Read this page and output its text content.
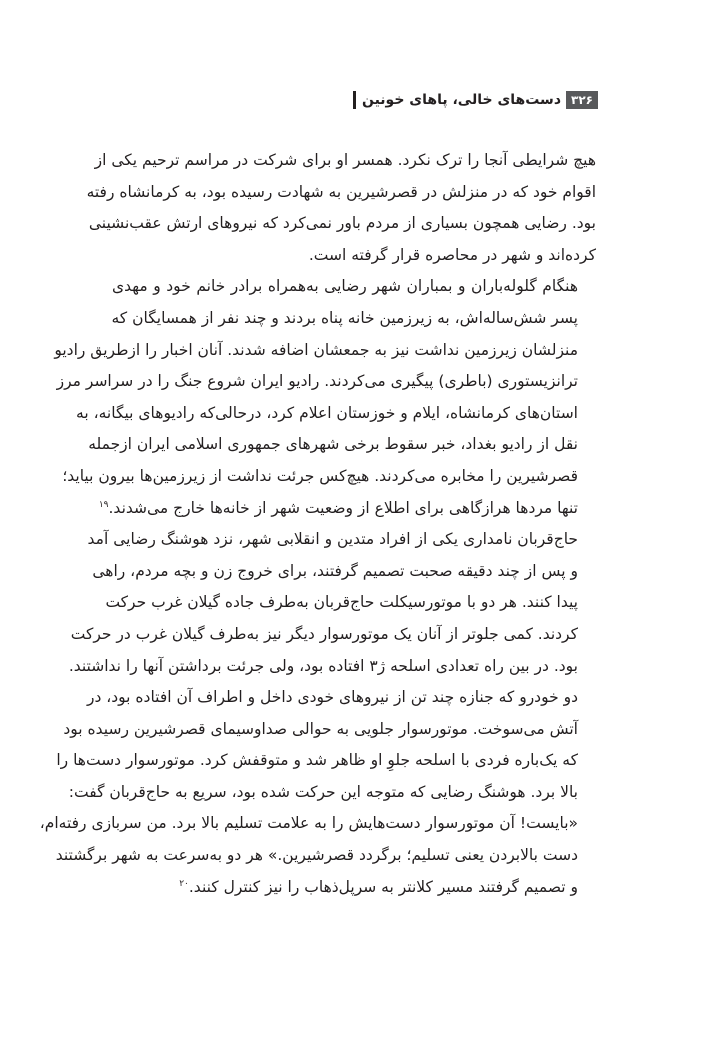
۳۲۶
دست‌های خالی، پاهای خونین

هیچ شرایطی آنجا را ترک نکرد. همسر او برای شرکت در مراسم ترحیم یکی از
اقوام خود که در منزلش در قصرشیرین به شهادت رسیده بود، به کرمانشاه رفته
بود. رضایی همچون بسیاری از مردم باور نمی‌کرد که نیروهای ارتش عقب‌نشینی
کرده‌اند و شهر در محاصره قرار گرفته است.

هنگام گلوله‌باران و بمباران شهر رضایی به‌همراه برادر خانم خود و مهدی
پسر شش‌ساله‌اش، به زیرزمین خانه پناه بردند و چند نفر از همسایگان که
منزلشان زیرزمین نداشت نیز به جمعشان اضافه شدند. آنان اخبار را ازطریق رادیو
ترانزیستوری (باطری) پیگیری می‌کردند. رادیو ایران شروع جنگ را در سراسر مرز
استان‌های کرمانشاه، ایلام و خوزستان اعلام کرد، درحالی‌که رادیوهای بیگانه، به
نقل از رادیو بغداد، خبر سقوط برخی شهرهای جمهوری اسلامی ایران ازجمله
قصرشیرین را مخابره می‌کردند. هیچ‌کس جرئت نداشت از زیرزمین‌ها بیرون بیاید؛
تنها مردها هرازگاهی برای اطلاع از وضعیت شهر از خانه‌ها خارج می‌شدند.$^{۱۹}$

حاج‌قربان نامداری یکی از افراد متدین و انقلابی شهر، نزد هوشنگ رضایی آمد
و پس از چند دقیقه صحبت تصمیم گرفتند، برای خروج زن و بچه مردم، راهی
پیدا کنند. هر دو با موتورسیکلت حاج‌قربان به‌طرف جاده گیلان غرب حرکت
کردند. کمی جلوتر از آنان یک موتورسوار دیگر نیز به‌طرف گیلان غرب در حرکت
بود. در بین راه تعدادی اسلحه ژ۳ افتاده بود، ولی جرئت برداشتن آنها را نداشتند.
دو خودرو که جنازه چند تن از نیروهای خودی داخل و اطراف آن افتاده بود، در
آتش می‌سوخت. موتورسوار جلویی به حوالی صداوسیمای قصرشیرین رسیده بود
که یک‌باره فردی با اسلحه جلوِ او ظاهر شد و متوقفش کرد. موتورسوار دست‌ها را
بالا برد. هوشنگ رضایی که متوجه این حرکت شده بود، سریع به حاج‌قربان گفت:
«بایست! آن موتورسوار دست‌هایش را به علامت تسلیم بالا برد. من سربازی رفته‌ام،
دست بالابردن یعنی تسلیم؛ برگردد قصرشیرین.» هر دو به‌سرعت به شهر برگشتند
و تصمیم گرفتند مسیر کلانتر به سرپل‌ذهاب را نیز کنترل کنند.$^{۲۰}$
